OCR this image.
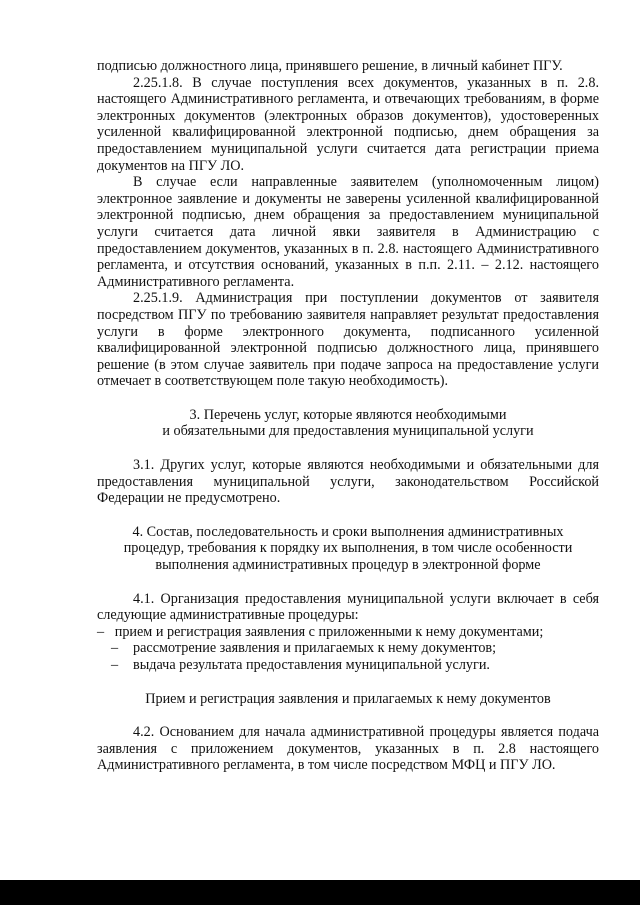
подписью должностного лица, принявшего решение, в личный кабинет ПГУ.

2.25.1.8. В случае поступления всех документов, указанных в п. 2.8. настоящего Административного регламента, и отвечающих требованиям, в форме электронных документов (электронных образов документов), удостоверенных усиленной квалифицированной электронной подписью, днем обращения за предоставлением муниципальной услуги считается дата регистрации приема документов на ПГУ ЛО.

В случае если направленные заявителем (уполномоченным лицом) электронное заявление и документы не заверены усиленной квалифицированной электронной подписью, днем обращения за предоставлением муниципальной услуги считается дата личной явки заявителя в Администрацию с предоставлением документов, указанных в п. 2.8. настоящего Административного регламента, и отсутствия оснований, указанных в п.п. 2.11. – 2.12. настоящего Административного регламента.

2.25.1.9. Администрация при поступлении документов от заявителя посредством ПГУ по требованию заявителя направляет результат предоставления услуги в форме электронного документа, подписанного усиленной квалифицированной электронной подписью должностного лица, принявшего решение (в этом случае заявитель при подаче запроса на предоставление услуги отмечает в соответствующем поле такую необходимость).

3. Перечень услуг, которые являются необходимыми

и обязательными для предоставления муниципальной услуги

3.1. Других услуг, которые являются необходимыми и обязательными для предоставления муниципальной услуги, законодательством Российской Федерации не предусмотрено.

4. Состав, последовательность и сроки выполнения административных

процедур, требования к порядку их выполнения, в том числе особенности

выполнения административных процедур в электронной форме

4.1. Организация предоставления муниципальной услуги включает в себя следующие административные процедуры:

– прием и регистрация заявления с приложенными к нему документами;

– рассмотрение заявления и прилагаемых к нему документов;

– выдача результата предоставления муниципальной услуги.

Прием и регистрация заявления и прилагаемых к нему документов

4.2. Основанием для начала административной процедуры является подача заявления с приложением документов, указанных в п. 2.8 настоящего Административного регламента, в том числе посредством МФЦ и ПГУ ЛО.
